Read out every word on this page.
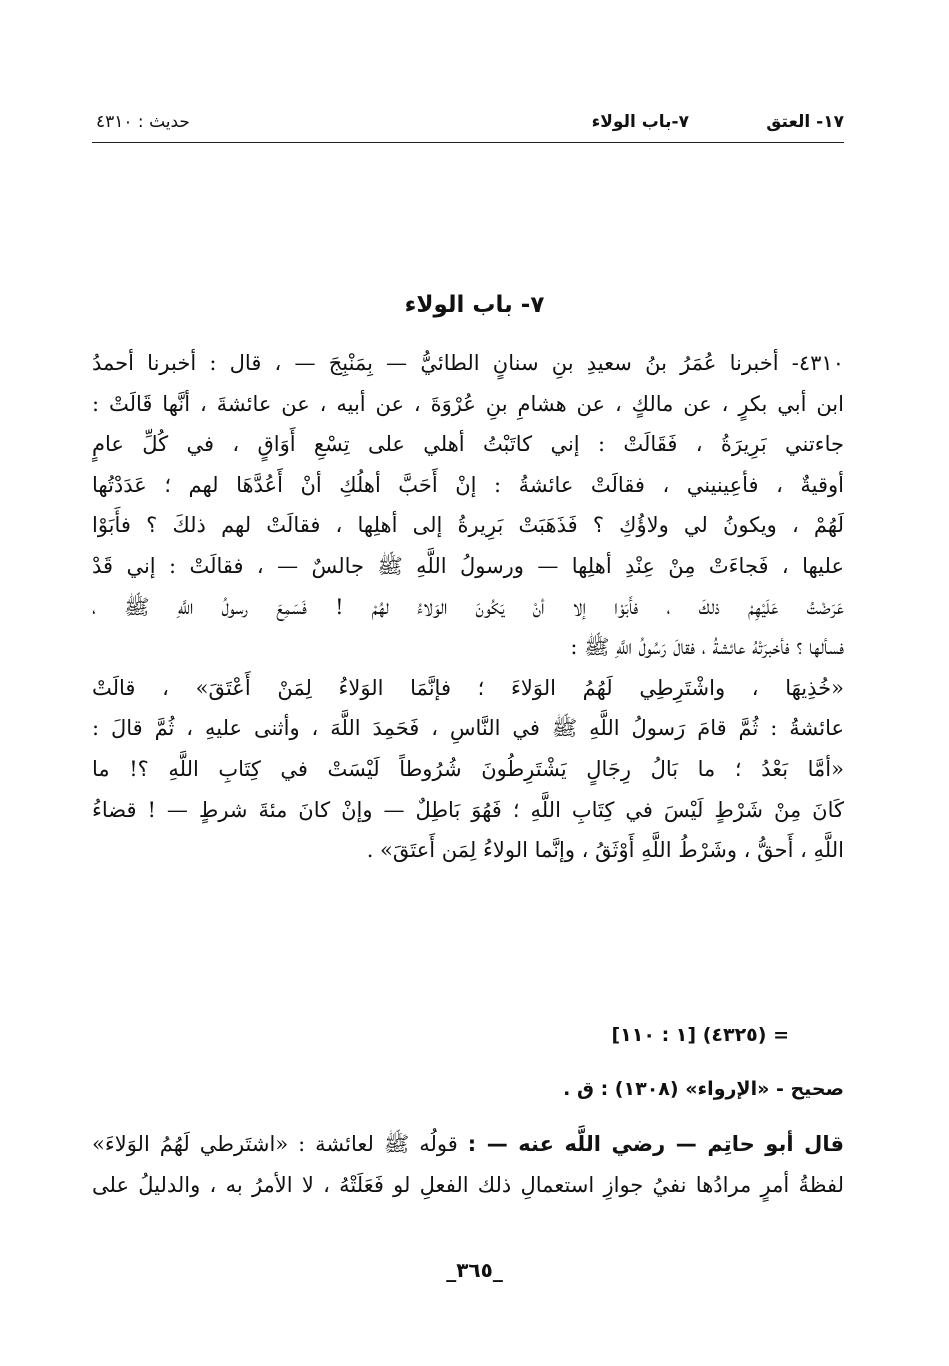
١٧- العتق
٧-باب الولاء
حديث : ٤٣١٠
٧- باب الولاء
٤٣١٠- أخبرنا عُمَرُ بنُ سعيدِ بنِ سنانٍ الطائيُّ — بِمَنْبِجَ — ، قال : أخبرنا أحمدُ
ابن أبي بكرٍ ، عن مالكٍ ، عن هشامِ بنِ عُرْوَةَ ، عن أبيه ، عن عائشةَ ، أنَّها قَالَتْ :
جاءتني بَرِيرَةُ ، فَقَالَتْ : إني كاتَبْتُ أهلي على تِسْعِ أَوَاقٍ ، في كُلِّ عامٍ
أوقيةٌ ، فأعِينيني ، فقالَتْ عائشةُ : إنْ أَحَبَّ أهلُكِ أنْ أَعُدَّهَا لهم ؛ عَدَدْتُها
لَهُمْ ، ويكونُ لي ولاؤُكِ ؟ فَذَهَبَتْ بَرِيرةُ إلى أهلِها ، فقالَتْ لهم ذلكَ ؟ فأَبَوْا
عليها ، فَجاءَتْ مِنْ عِنْدِ أهلِها — ورسولُ اللَّهِ ﷺ جالسٌ — ، فقالَتْ : إني قَدْ
عَرَضْتُ عَلَيْهِمْ ذلكَ ، فأَبَوْا إلا أنْ يَكُونَ الوَلاءُ لهُمْ ! فَسَمِعَ رسولُ اللَّهِ ﷺ ،
فسألها ؟ فأخبرَتْهُ عائشةُ ، فقالَ رَسُولُ اللَّهِ ﷺ :
«خُذِيهَا ، واشْتَرِطِي لَهُمُ الوَلاءَ ؛ فإنَّمَا الوَلاءُ لِمَنْ أَعْتَقَ» ، قالَتْ
عائشةُ : ثُمَّ قامَ رَسولُ اللَّهِ ﷺ في النَّاسِ ، فَحَمِدَ اللَّهَ ، وأثنى عليهِ ، ثُمَّ قالَ :
«أمَّا بَعْدُ ؛ ما بَالُ رِجَالٍ يَشْتَرِطُونَ شُرُوطاً لَيْسَتْ في كِتَابِ اللَّهِ ؟! ما
كَانَ مِنْ شَرْطٍ لَيْسَ في كِتَابِ اللَّهِ ؛ فَهُوَ بَاطِلٌ — وإنْ كانَ مئةَ شرطٍ — ! قضاءُ
اللَّهِ ، أَحقُّ ، وشَرْطُ اللَّهِ أَوْثَقُ ، وإنَّما الولاءُ لِمَن أَعتَقَ» .
= (٤٣٢٥) [١ : ١١٠]
صحيح - «الإرواء» (١٣٠٨) : ق .
قال أبو حاتِم — رضي اللَّه عنه — : قولُه ﷺ لعائشة : «اشتَرطي لَهُمُ الوَلاءَ»
لفظةُ أمرٍ مرادُها نفيُ جوازِ استعمالِ ذلك الفعلِ لو فَعَلَتْهُ ، لا الأمرُ به ، والدليلُ على
_٣٦٥_
